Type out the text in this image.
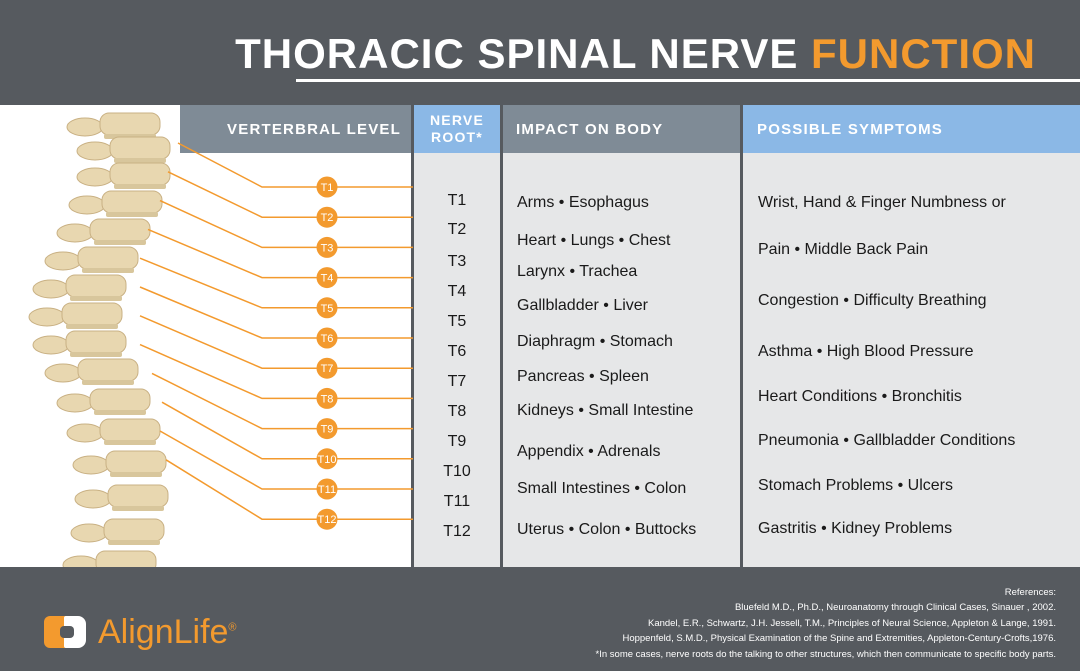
THORACIC SPINAL NERVE FUNCTION
VERTERBRAL LEVEL
NERVE
ROOT*	IMPACT ON BODY	POSSIBLE SYMPTOMS
T1
T2
T3
T4
T5
T6
T7
T8
T9
T10
T11
T12
T1
T2
T3
T4
T5
T6
T7
T8
T9
T10
T11
T12
Arms • Esophagus
Heart • Lungs • Chest
Larynx • Trachea
Gallbladder • Liver
Diaphragm • Stomach
Pancreas • Spleen
Kidneys • Small Intestine
Appendix • Adrenals
Small Intestines • Colon
Uterus • Colon • Buttocks
Wrist, Hand & Finger Numbness or
Pain • Middle Back Pain
Congestion • Difficulty Breathing
Asthma • High Blood Pressure
Heart Conditions • Bronchitis
Pneumonia • Gallbladder Conditions
Stomach Problems • Ulcers
Gastritis • Kidney Problems
AlignLife®
References:
Bluefeld M.D., Ph.D., Neuroanatomy through Clinical Cases, Sinauer , 2002.
Kandel, E.R., Schwartz, J.H. Jessell, T.M., Principles of Neural Science, Appleton & Lange, 1991.
Hoppenfeld, S.M.D., Physical Examination of the Spine and Extremities, Appleton-Century-Crofts,1976.
*In some cases, nerve roots do the talking to other structures, which then communicate to specific body parts.
